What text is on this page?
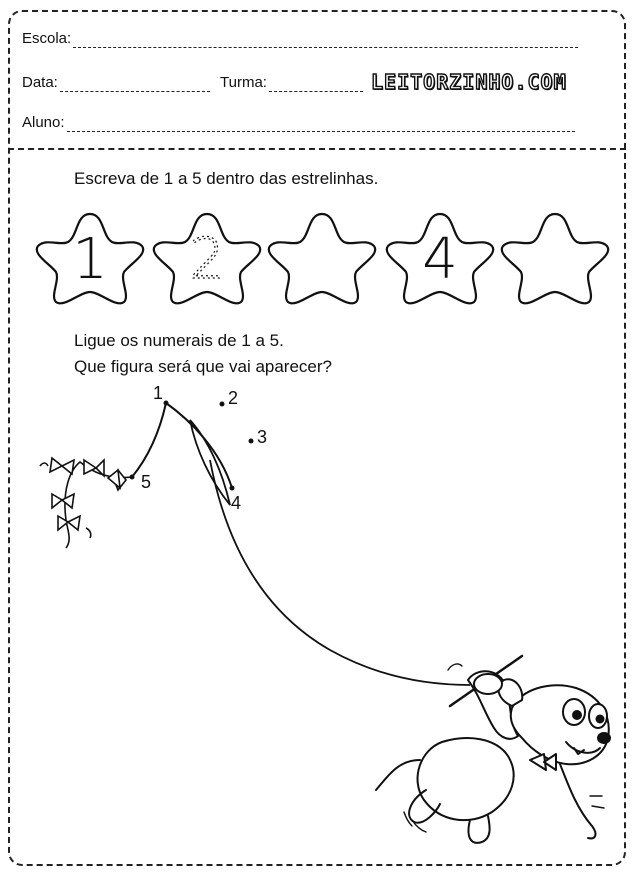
Escola:
Data:	Turma:	LEITORZINHO.COM
Aluno:
Escreva de 1 a 5 dentro das estrelinhas.
1 2	4
1	2
3
4
5
Ligue os numerais de 1 a 5.
Que figura será que vai aparecer?
